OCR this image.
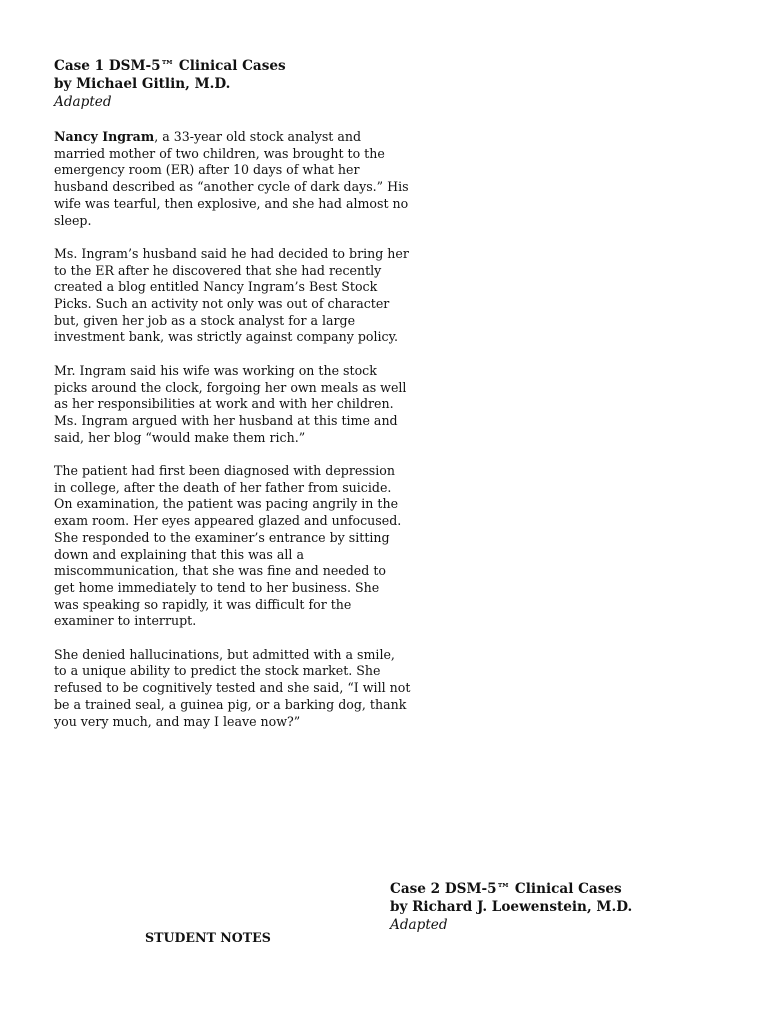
Case 1 DSM-5™ Clinical Cases

by Michael Gitlin, M.D.

Adapted

Nancy Ingram, a 33-year old stock analyst and
married mother of two children, was brought to the
emergency room (ER) after 10 days of what her
husband described as “another cycle of dark days.” His
wife was tearful, then explosive, and she had almost no
sleep.

Ms. Ingram’s husband said he had decided to bring her
to the ER after he discovered that she had recently
created a blog entitled Nancy Ingram’s Best Stock
Picks. Such an activity not only was out of character
but, given her job as a stock analyst for a large
investment bank, was strictly against company policy.

Mr. Ingram said his wife was working on the stock
picks around the clock, forgoing her own meals as well
as her responsibilities at work and with her children.
Ms. Ingram argued with her husband at this time and
said, her blog “would make them rich.”

The patient had first been diagnosed with depression
in college, after the death of her father from suicide.
On examination, the patient was pacing angrily in the
exam room. Her eyes appeared glazed and unfocused.
She responded to the examiner’s entrance by sitting
down and explaining that this was all a
miscommunication, that she was fine and needed to
get home immediately to tend to her business. She
was speaking so rapidly, it was difficult for the
examiner to interrupt.

She denied hallucinations, but admitted with a smile,
to a unique ability to predict the stock market. She
refused to be cognitively tested and she said, “I will not
be a trained seal, a guinea pig, or a barking dog, thank
you very much, and may I leave now?”

Case 2 DSM-5™ Clinical Cases

by Richard J. Loewenstein, M.D.

Adapted

STUDENT NOTES
